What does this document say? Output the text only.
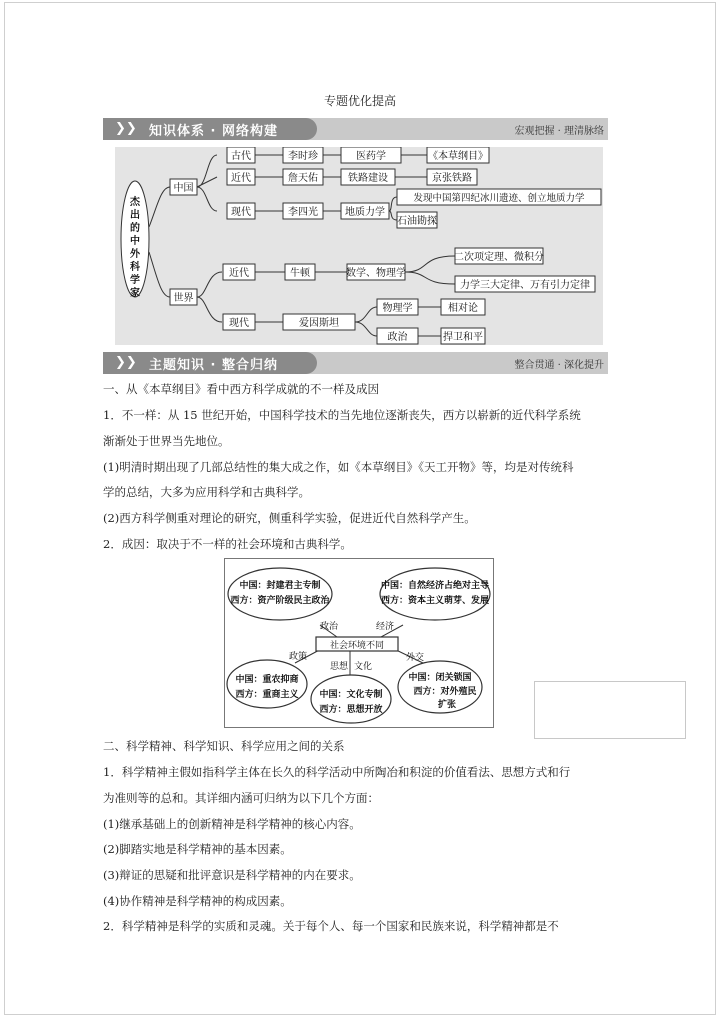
专题优化提高
❯❯ 知识体系 · 网络构建	宏观把握 · 理清脉络
杰
出
的
中
外
科
学
家
中国
世界
古代
近代
现代
近代
现代
李时珍
詹天佑
李四光
牛顿
爱因斯坦
医药学
铁路建设
地质力学
数学、物理学
物理学
政治
《本草纲目》
京张铁路
发现中国第四纪冰川遗迹、创立地质力学
石油勘探
二次项定理、微积分
力学三大定律、万有引力定律
相对论
捍卫和平
❯❯ 主题知识 · 整合归纳	整合贯通 · 深化提升
一、从《本草纲目》看中西方科学成就的不一样及成因
1．不一样：从 15 世纪开始，中国科学技术的当先地位逐渐丧失，西方以崭新的近代科学系统
渐渐处于世界当先地位。
(1)明清时期出现了几部总结性的集大成之作，如《本草纲目》《天工开物》等，均是对传统科
学的总结，大多为应用科学和古典科学。
(2)西方科学侧重对理论的研究，侧重科学实验，促进近代自然科学产生。
2．成因：取决于不一样的社会环境和古典科学。
中国：封建君主专制
西方：资产阶级民主政治
中国：自然经济占绝对主导
西方：资本主义萌芽、发展
中国：重农抑商
西方：重商主义 中国：文化专制
西方：思想开放
中国：闭关锁国
西方：对外殖民
扩张
社会环境不同
政治	经济
政策
思想 文化
外交
二、科学精神、科学知识、科学应用之间的关系
1．科学精神主假如指科学主体在长久的科学活动中所陶冶和积淀的价值看法、思想方式和行
为准则等的总和。其详细内涵可归纳为以下几个方面：
(1)继承基础上的创新精神是科学精神的核心内容。
(2)脚踏实地是科学精神的基本因素。
(3)辩证的思疑和批评意识是科学精神的内在要求。
(4)协作精神是科学精神的构成因素。
2．科学精神是科学的实质和灵魂。关于每个人、每一个国家和民族来说，科学精神都是不
